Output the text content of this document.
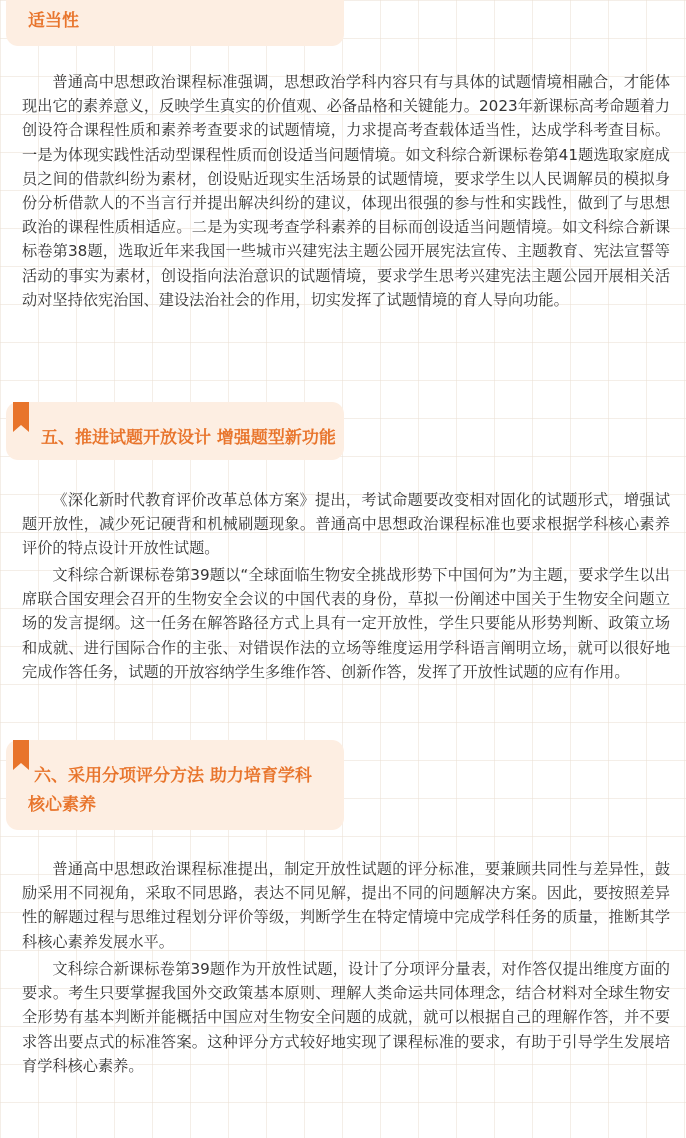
适当性

普通高中思想政治课程标准强调，思想政治学科内容只有与具体的试题情境相融合，才能体现出它的素养意义，反映学生真实的价值观、必备品格和关键能力。2023年新课标高考命题着力创设符合课程性质和素养考查要求的试题情境，力求提高考查载体适当性，达成学科考查目标。一是为体现实践性活动型课程性质而创设适当问题情境。如文科综合新课标卷第41题选取家庭成员之间的借款纠纷为素材，创设贴近现实生活场景的试题情境，要求学生以人民调解员的模拟身份分析借款人的不当言行并提出解决纠纷的建议，体现出很强的参与性和实践性，做到了与思想政治的课程性质相适应。二是为实现考查学科素养的目标而创设适当问题情境。如文科综合新课标卷第38题，选取近年来我国一些城市兴建宪法主题公园开展宪法宣传、主题教育、宪法宣誓等活动的事实为素材，创设指向法治意识的试题情境，要求学生思考兴建宪法主题公园开展相关活动对坚持依宪治国、建设法治社会的作用，切实发挥了试题情境的育人导向功能。

五、推进试题开放设计 增强题型新功能

《深化新时代教育评价改革总体方案》提出，考试命题要改变相对固化的试题形式，增强试题开放性，减少死记硬背和机械刷题现象。普通高中思想政治课程标准也要求根据学科核心素养评价的特点设计开放性试题。

文科综合新课标卷第39题以“全球面临生物安全挑战形势下中国何为”为主题，要求学生以出席联合国安理会召开的生物安全会议的中国代表的身份，草拟一份阐述中国关于生物安全问题立场的发言提纲。这一任务在解答路径方式上具有一定开放性，学生只要能从形势判断、政策立场和成就、进行国际合作的主张、对错误作法的立场等维度运用学科语言阐明立场，就可以很好地完成作答任务，试题的开放容纳学生多维作答、创新作答，发挥了开放性试题的应有作用。

六、采用分项评分方法 助力培育学科
核心素养

普通高中思想政治课程标准提出，制定开放性试题的评分标准，要兼顾共同性与差异性，鼓励采用不同视角，采取不同思路，表达不同见解，提出不同的问题解决方案。因此，要按照差异性的解题过程与思维过程划分评价等级，判断学生在特定情境中完成学科任务的质量，推断其学科核心素养发展水平。

文科综合新课标卷第39题作为开放性试题，设计了分项评分量表，对作答仅提出维度方面的要求。考生只要掌握我国外交政策基本原则、理解人类命运共同体理念，结合材料对全球生物安全形势有基本判断并能概括中国应对生物安全问题的成就，就可以根据自己的理解作答，并不要求答出要点式的标准答案。这种评分方式较好地实现了课程标准的要求，有助于引导学生发展培育学科核心素养。
